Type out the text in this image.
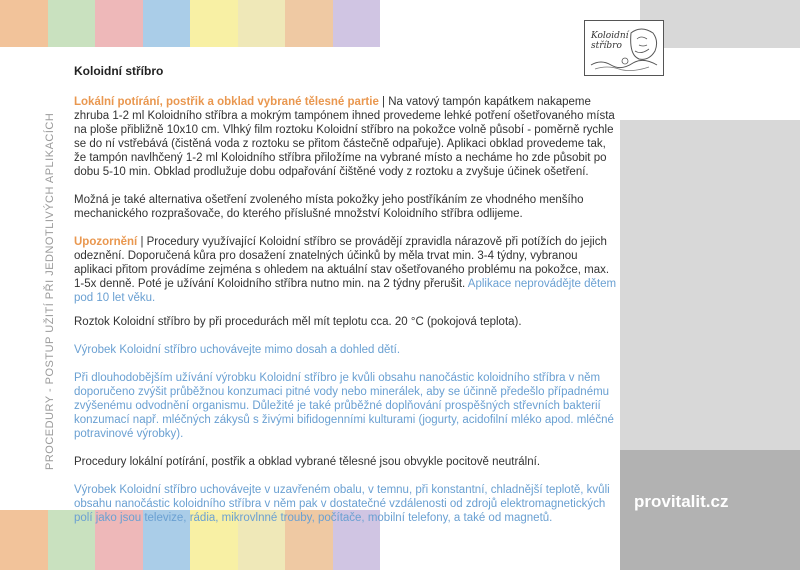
Koloidní
stříbro
PROCEDURY - POSTUP UŽITÍ PŘI JEDNOTLIVÝCH APLIKACÍCH
Koloidní stříbro

Lokální potírání, postřik a obklad vybrané tělesné partie | Na vatový tampón kapátkem nakapeme zhruba 1-2 ml Koloidního stříbra a mokrým tampónem ihned provedeme lehké potření ošetřovaného místa na ploše přibližně 10x10 cm. Vlhký film roztoku Koloidní stříbro na pokožce volně působí - poměrně rychle se do ní vstřebává (čistěná voda z roztoku se přitom částečně odpařuje). Aplikaci obklad provedeme tak, že tampón navlhčený 1-2 ml Koloidního stříbra přiložíme na vybrané místo a necháme ho zde působit po dobu 5-10 min. Obklad prodlužuje dobu odpařování čištěné vody z roztoku a zvyšuje účinek ošetření.

Možná je také alternativa ošetření zvoleného místa pokožky jeho postříkáním ze vhodného menšího mechanického rozprašovače, do kterého příslušné množství Koloidního stříbra odlijeme.

Upozornění | Procedury využívající Koloidní stříbro se provádějí zpravidla nárazově při potížích do jejich odeznění. Doporučená kůra pro dosažení znatelných účinků by měla trvat min. 3-4 týdny, vybranou aplikaci přitom provádíme zejména s ohledem na aktuální stav ošetřovaného problému na pokožce, max. 1-5x denně. Poté je užívání Koloidního stříbra nutno min. na 2 týdny přerušit. Aplikace neprovádějte dětem pod 10 let věku.

Roztok Koloidní stříbro by při procedurách měl mít teplotu cca. 20 °C (pokojová teplota).

Výrobek Koloidní stříbro uchovávejte mimo dosah a dohled dětí.

Při dlouhodobějším užívání výrobku Koloidní stříbro je kvůli obsahu nanočástic koloidního stříbra v něm doporučeno zvýšit průběžnou konzumaci pitné vody nebo minerálek, aby se účinně předešlo případnému zvýšenému odvodnění organismu. Důležité je také průběžné doplňování prospěšných střevních bakterií konzumací např. mléčných zákysů s živými bifidogenními kulturami (jogurty, acidofilní mléko apod. mléčné potravinové výrobky).

Procedury lokální potírání, postřik a obklad vybrané tělesné jsou obvykle pocitově neutrální.

Výrobek Koloidní stříbro uchovávejte v uzavřeném obalu, v temnu, při konstantní, chladnější teplotě, kvůli obsahu nanočástic koloidního stříbra v něm pak v dostatečné vzdálenosti od zdrojů elektromagnetických polí jako jsou televize, rádia, mikrovlnné trouby, počítače, mobilní telefony, a také od magnetů.

provitalit.cz
